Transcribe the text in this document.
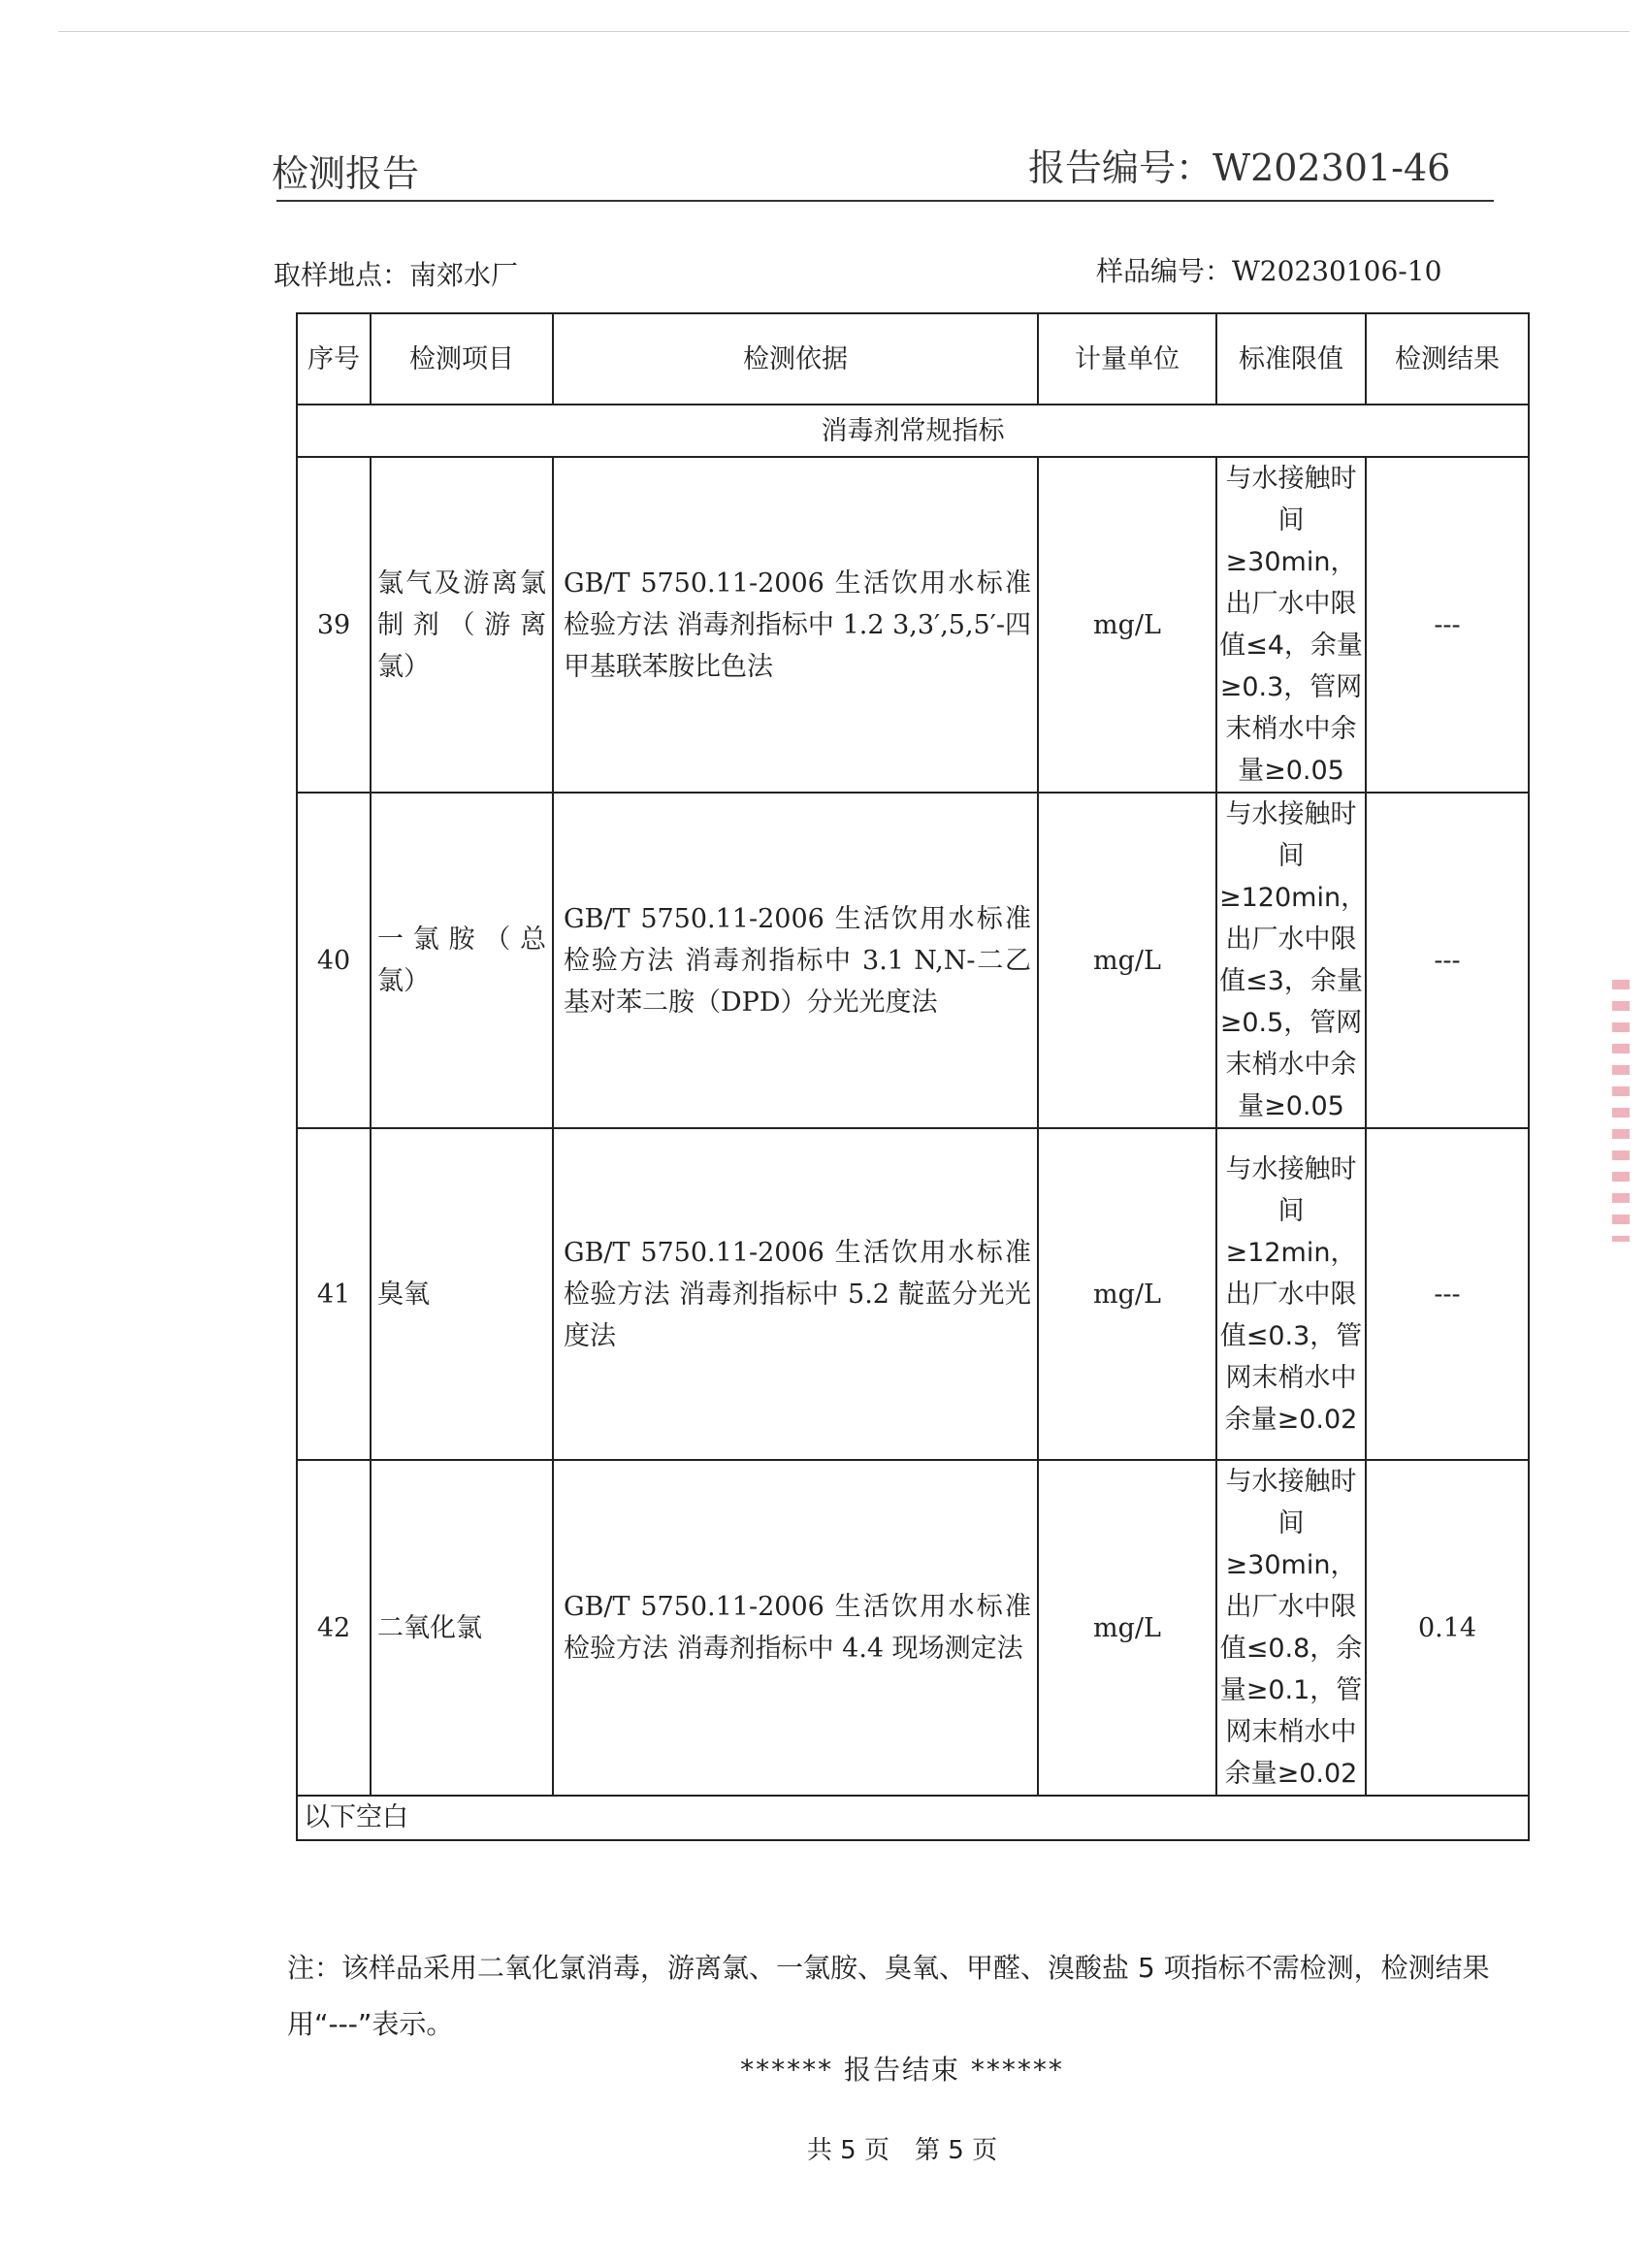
检测报告	报告编号：W202301-46
取样地点：南郊水厂	样品编号：W20230106-10
序号	检测项目	检测依据	计量单位	标准限值	检测结果
消毒剂常规指标					
39	氯气及游离氯制剂（游离氯）	GB/T 5750.11-2006 生活饮用水标准检验方法 消毒剂指标中 1.2 3,3′,5,5′-四甲基联苯胺比色法	mg/L	与水接触时间≥30min，出厂水中限值≤4，余量≥0.3，管网末梢水中余量≥0.05	---
40	一氯胺（总氯）	GB/T 5750.11-2006 生活饮用水标准检验方法 消毒剂指标中 3.1 N,N-二乙基对苯二胺（DPD）分光光度法	mg/L	与水接触时间≥120min，出厂水中限值≤3，余量≥0.5，管网末梢水中余量≥0.05	---
41	臭氧	GB/T 5750.11-2006 生活饮用水标准检验方法 消毒剂指标中 5.2 靛蓝分光光度法	mg/L	与水接触时间≥12min，出厂水中限值≤0.3，管网末梢水中余量≥0.02	---
42	二氧化氯	GB/T 5750.11-2006 生活饮用水标准检验方法 消毒剂指标中 4.4 现场测定法	mg/L	与水接触时间≥30min，出厂水中限值≤0.8，余量≥0.1，管网末梢水中余量≥0.02	0.14
以下空白					
注：该样品采用二氧化氯消毒，游离氯、一氯胺、臭氧、甲醛、溴酸盐 5 项指标不需检测，检测结果用“---”表示。
****** 报告结束 ******
共 5 页　第 5 页
